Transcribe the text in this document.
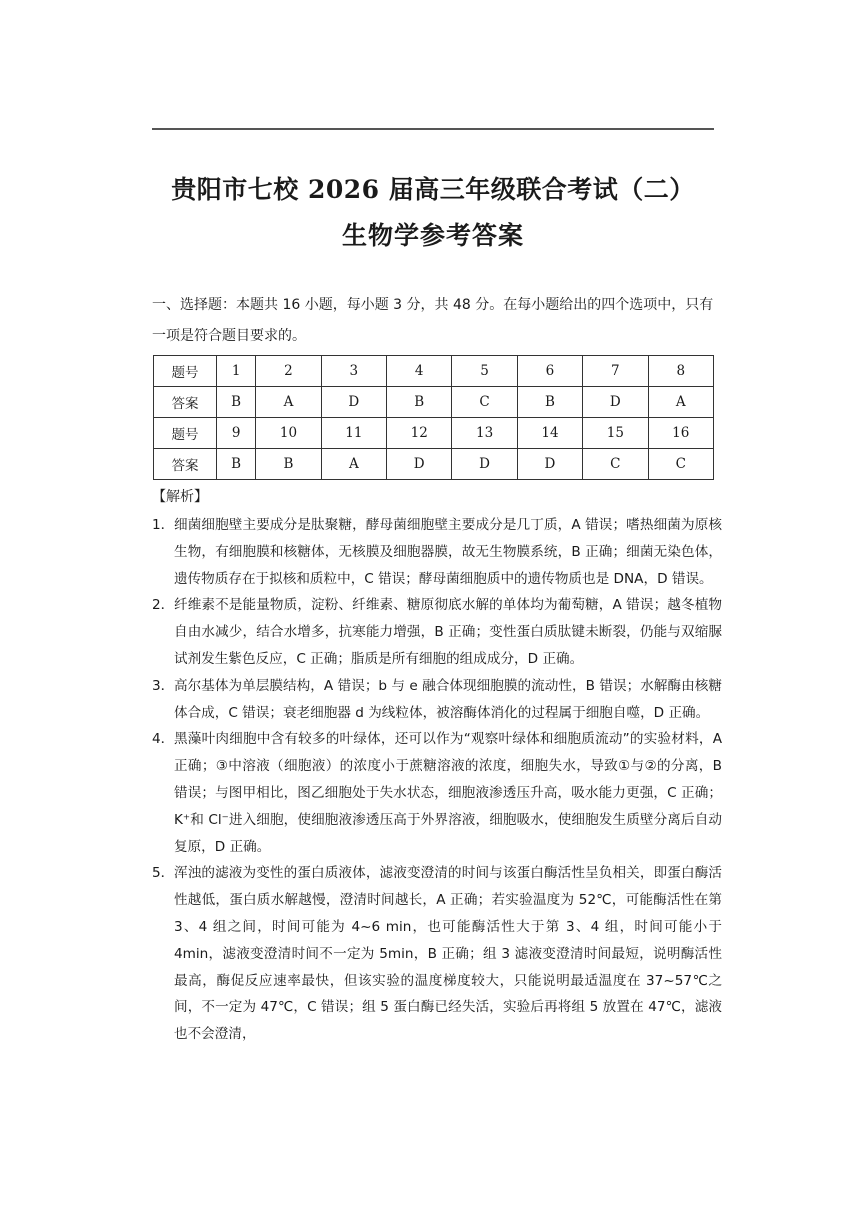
贵阳市七校 2026 届高三年级联合考试（二）
生物学参考答案
一、选择题：本题共 16 小题，每小题 3 分，共 48 分。在每小题给出的四个选项中，只有一项是符合题目要求的。
题号	1	2	3	4	5	6	7	8
答案	B	A	D	B	C	B	D	A
题号	9	10	11	12	13	14	15	16
答案	B	B	A	D	D	D	C	C
【解析】
1． 细菌细胞壁主要成分是肽聚糖，酵母菌细胞壁主要成分是几丁质，A 错误；嗜热细菌为原核生物，有细胞膜和核糖体，无核膜及细胞器膜，故无生物膜系统，B 正确；细菌无染色体，遗传物质存在于拟核和质粒中，C 错误；酵母菌细胞质中的遗传物质也是 DNA，D 错误。
2． 纤维素不是能量物质，淀粉、纤维素、糖原彻底水解的单体均为葡萄糖，A 错误；越冬植物自由水减少，结合水增多，抗寒能力增强，B 正确；变性蛋白质肽键未断裂，仍能与双缩脲试剂发生紫色反应，C 正确；脂质是所有细胞的组成成分，D 正确。
3． 高尔基体为单层膜结构，A 错误；b 与 e 融合体现细胞膜的流动性，B 错误；水解酶由核糖体合成，C 错误；衰老细胞器 d 为线粒体，被溶酶体消化的过程属于细胞自噬，D 正确。
4． 黑藻叶肉细胞中含有较多的叶绿体，还可以作为“观察叶绿体和细胞质流动”的实验材料，A 正确；③中溶液（细胞液）的浓度小于蔗糖溶液的浓度，细胞失水，导致①与②的分离，B 错误；与图甲相比，图乙细胞处于失水状态，细胞液渗透压升高，吸水能力更强，C 正确；K⁺和 Cl⁻进入细胞，使细胞液渗透压高于外界溶液，细胞吸水，使细胞发生质壁分离后自动复原，D 正确。
5． 浑浊的滤液为变性的蛋白质液体，滤液变澄清的时间与该蛋白酶活性呈负相关，即蛋白酶活性越低，蛋白质水解越慢，澄清时间越长，A 正确；若实验温度为 52℃，可能酶活性在第 3、4 组之间，时间可能为 4~6 min，也可能酶活性大于第 3、4 组，时间可能小于 4min，滤液变澄清时间不一定为 5min，B 正确；组 3 滤液变澄清时间最短，说明酶活性最高，酶促反应速率最快，但该实验的温度梯度较大，只能说明最适温度在 37~57℃之间，不一定为 47℃，C 错误；组 5 蛋白酶已经失活，实验后再将组 5 放置在 47℃，滤液也不会澄清，
